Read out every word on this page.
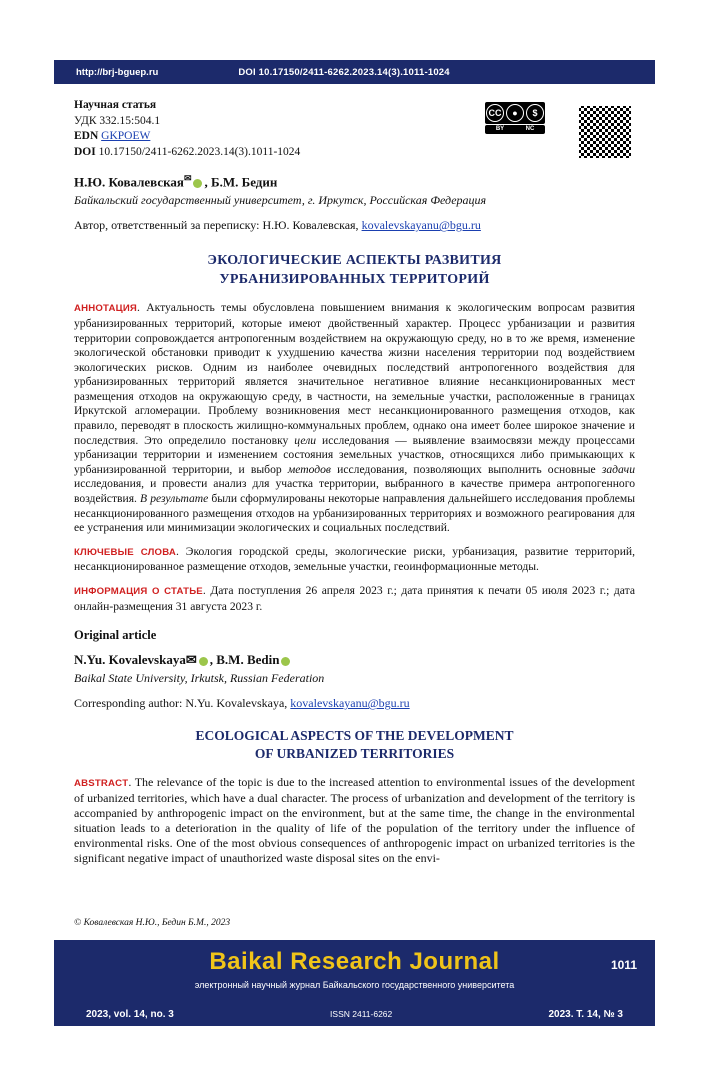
http://brj-bguep.ru	DOI 10.17150/2411-6262.2023.14(3).1011-1024
CC	●	$
BY	NC
Научная статья
УДК 332.15:504.1
EDN GKPOEW
DOI 10.17150/2411-6262.2023.14(3).1011-1024
Н.Ю. Ковалевская✉ , Б.М. Бедин
Байкальский государственный университет, г. Иркутск, Российская Федерация
Автор, ответственный за переписку: Н.Ю. Ковалевская, kovalevskayanu@bgu.ru
ЭКОЛОГИЧЕСКИЕ АСПЕКТЫ РАЗВИТИЯ
УРБАНИЗИРОВАННЫХ ТЕРРИТОРИЙ
АННОТАЦИЯ. Актуальность темы обусловлена повышением внимания к экологическим вопросам развития урбанизированных территорий, которые имеют двойственный характер. Процесс урбанизации и развития территории сопровождается антропогенным воздействием на окружающую среду, но в то же время, изменение экологической обстановки приводит к ухудшению качества жизни населения территории под воздействием экологических рисков. Одним из наиболее очевидных последствий антропогенного воздействия для урбанизированных территорий является значительное негативное влияние несанкционированных мест размещения отходов на окружающую среду, в частности, на земельные участки, расположенные в границах Иркутской агломерации. Проблему возникновения мест несанкционированного размещения отходов, как правило, переводят в плоскость жилищно-коммунальных проблем, однако она имеет более широкое значение и последствия. Это определило постановку цели исследования — выявление взаимосвязи между процессами урбанизации территории и изменением состояния земельных участков, относящихся либо примыкающих к урбанизированной территории, и выбор методов исследования, позволяющих выполнить основные задачи исследования, и провести анализ для участка территории, выбранного в качестве примера антропогенного воздействия. В результате были сформулированы некоторые направления дальнейшего исследования проблемы несанкционированного размещения отходов на урбанизированных территориях и возможного реагирования для ее устранения или минимизации экологических и социальных последствий.
КЛЮЧЕВЫЕ СЛОВА. Экология городской среды, экологические риски, урбанизация, развитие территорий, несанкционированное размещение отходов, земельные участки, геоинформационные методы.
ИНФОРМАЦИЯ О СТАТЬЕ. Дата поступления 26 апреля 2023 г.; дата принятия к печати 05 июля 2023 г.; дата онлайн-размещения 31 августа 2023 г.
Original article
N.Yu. Kovalevskaya✉ , B.M. Bedin
Baikal State University, Irkutsk, Russian Federation
Corresponding author: N.Yu. Kovalevskaya, kovalevskayanu@bgu.ru
ECOLOGICAL ASPECTS OF THE DEVELOPMENT
OF URBANIZED TERRITORIES
ABSTRACT. The relevance of the topic is due to the increased attention to environmental issues of the development of urbanized territories, which have a dual character. The process of urbanization and development of the territory is accompanied by anthropogenic impact on the environment, but at the same time, the change in the environmental situation leads to a deterioration in the quality of life of the population of the territory under the influence of environmental risks. One of the most obvious consequences of anthropogenic impact on urbanized territories is the significant negative impact of unauthorized waste disposal sites on the envi-
© Ковалевская Н.Ю., Бедин Б.М., 2023
Baikal Research Journal
электронный научный журнал Байкальского государственного университета
1011
2023, vol. 14, no. 3	ISSN 2411-6262	2023. Т. 14, № 3
